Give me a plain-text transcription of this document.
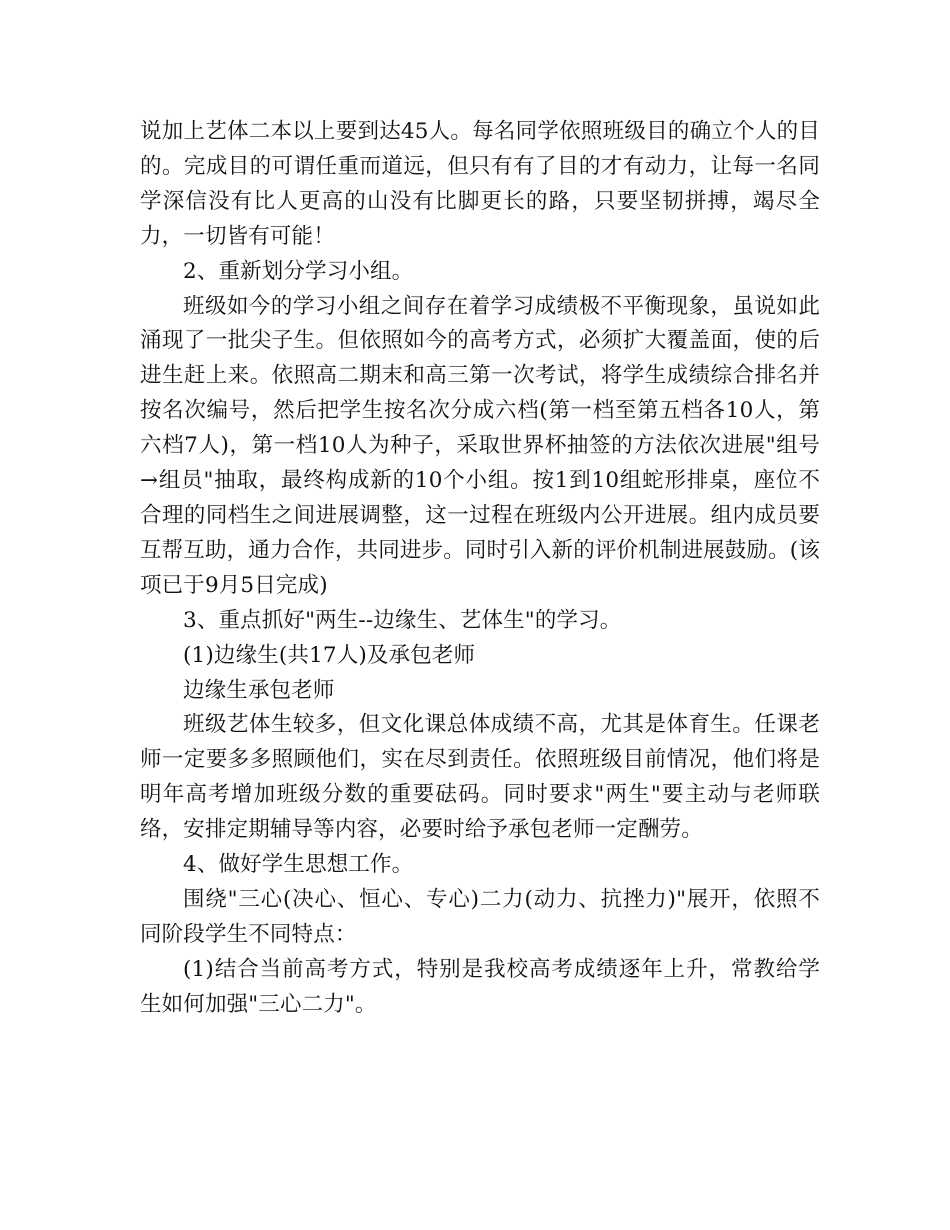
说加上艺体二本以上要到达45人。每名同学依照班级目的确立个人的目的。完成目的可谓任重而道远，但只有有了目的才有动力，让每一名同学深信没有比人更高的山没有比脚更长的路，只要坚韧拼搏，竭尽全力，一切皆有可能！

2、重新划分学习小组。

班级如今的学习小组之间存在着学习成绩极不平衡现象，虽说如此涌现了一批尖子生。但依照如今的高考方式，必须扩大覆盖面，使的后进生赶上来。依照高二期末和高三第一次考试，将学生成绩综合排名并按名次编号，然后把学生按名次分成六档(第一档至第五档各10人，第六档7人)，第一档10人为种子，采取世界杯抽签的方法依次进展"组号→组员"抽取，最终构成新的10个小组。按1到10组蛇形排桌，座位不合理的同档生之间进展调整，这一过程在班级内公开进展。组内成员要互帮互助，通力合作，共同进步。同时引入新的评价机制进展鼓励。(该项已于9月5日完成)

3、重点抓好"两生--边缘生、艺体生"的学习。

(1)边缘生(共17人)及承包老师

边缘生承包老师

班级艺体生较多，但文化课总体成绩不高，尤其是体育生。任课老师一定要多多照顾他们，实在尽到责任。依照班级目前情况，他们将是明年高考增加班级分数的重要砝码。同时要求"两生"要主动与老师联络，安排定期辅导等内容，必要时给予承包老师一定酬劳。

4、做好学生思想工作。

围绕"三心(决心、恒心、专心)二力(动力、抗挫力)"展开，依照不同阶段学生不同特点：

(1)结合当前高考方式，特别是我校高考成绩逐年上升，常教给学生如何加强"三心二力"。
